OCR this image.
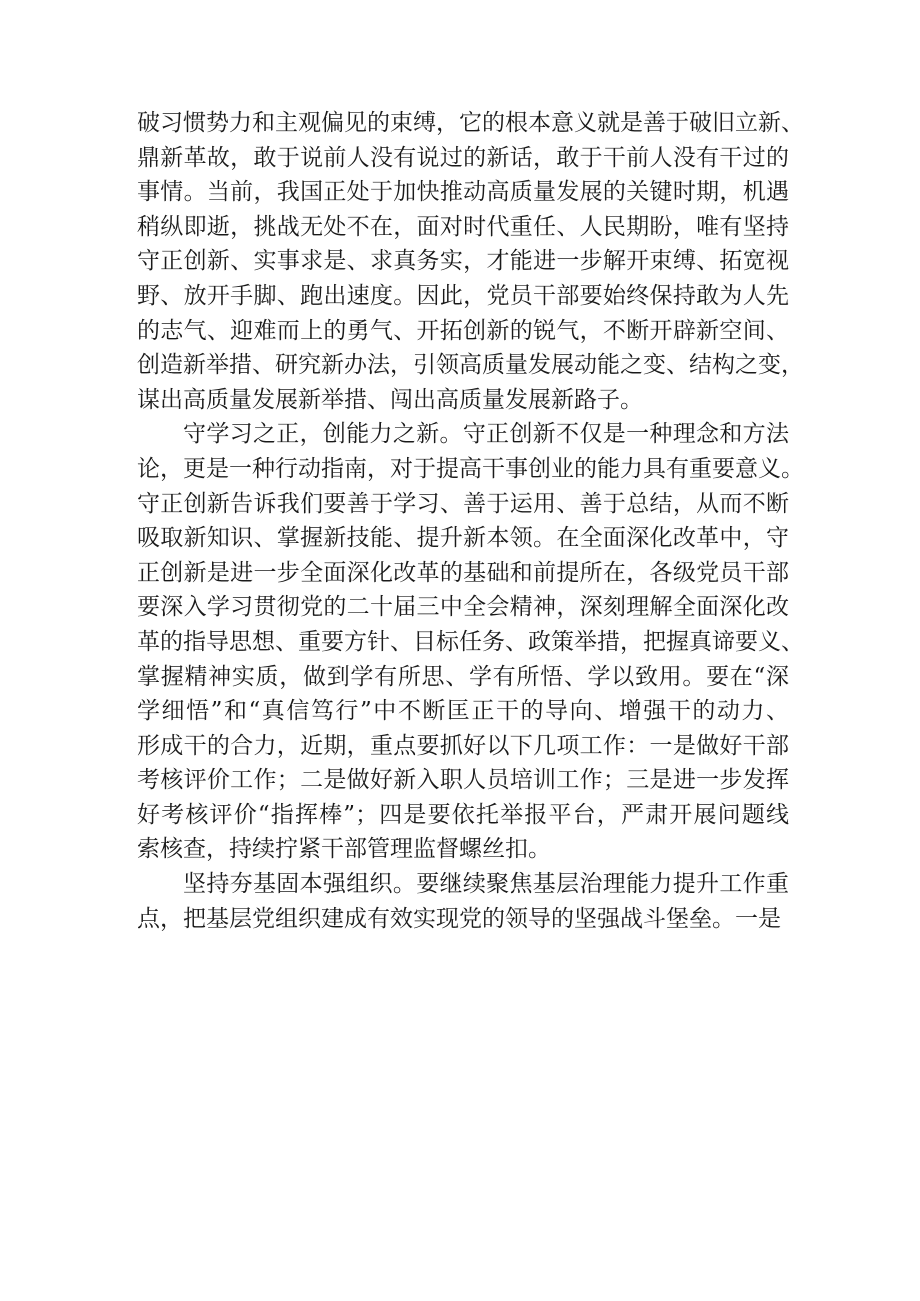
破习惯势力和主观偏见的束缚，它的根本意义就是善于破旧立新、
鼎新革故，敢于说前人没有说过的新话，敢于干前人没有干过的
事情。当前，我国正处于加快推动高质量发展的关键时期，机遇
稍纵即逝，挑战无处不在，面对时代重任、人民期盼，唯有坚持
守正创新、实事求是、求真务实，才能进一步解开束缚、拓宽视
野、放开手脚、跑出速度。因此，党员干部要始终保持敢为人先
的志气、迎难而上的勇气、开拓创新的锐气，不断开辟新空间、
创造新举措、研究新办法，引领高质量发展动能之变、结构之变，
谋出高质量发展新举措、闯出高质量发展新路子。
守学习之正，创能力之新。守正创新不仅是一种理念和方法
论，更是一种行动指南，对于提高干事创业的能力具有重要意义。
守正创新告诉我们要善于学习、善于运用、善于总结，从而不断
吸取新知识、掌握新技能、提升新本领。在全面深化改革中，守
正创新是进一步全面深化改革的基础和前提所在，各级党员干部
要深入学习贯彻党的二十届三中全会精神，深刻理解全面深化改
革的指导思想、重要方针、目标任务、政策举措，把握真谛要义、
掌握精神实质，做到学有所思、学有所悟、学以致用。要在“深
学细悟”和“真信笃行”中不断匡正干的导向、增强干的动力、
形成干的合力，近期，重点要抓好以下几项工作：一是做好干部
考核评价工作；二是做好新入职人员培训工作；三是进一步发挥
好考核评价“指挥棒”；四是要依托举报平台，严肃开展问题线
索核查，持续拧紧干部管理监督螺丝扣。
坚持夯基固本强组织。要继续聚焦基层治理能力提升工作重
点，把基层党组织建成有效实现党的领导的坚强战斗堡垒。一是
